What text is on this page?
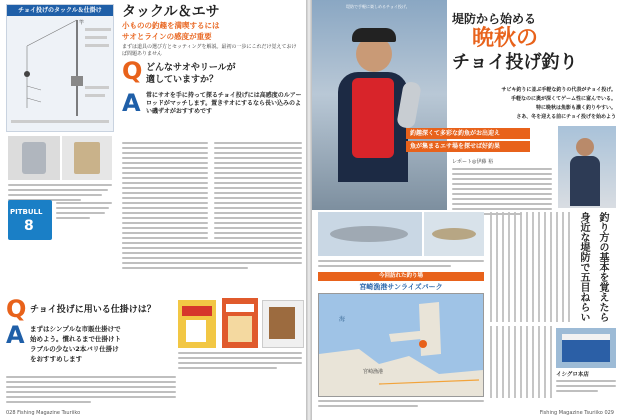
チョイ投げのタックル＆仕掛け
竿
タックル＆エサ
小ものの釣趣を満喫するには
サオとラインの感度が重要
まずは道具の選び方とセッティングを解説。最初の一歩にこれだけ覚えておけば問題ありません
Q どんなサオやリールが
適していますか？
A 常にサオを手に持って探るチョイ投げには高感度のルアーロッドがマッチします。置きサオにするなら長い込みのよい磯ザオがおすすめです
PITBULL
8
Q チョイ投げに用いる仕掛けは？
A まずはシンプルな市販仕掛けで
始めよう。慣れるまで仕掛けト
ラブルの少ない2本バリ仕掛け
をおすすめします
028 Fishing Magazine Tsuriiko
堤防で手軽に楽しめるチョイ投げ。
堤防から始める
晩秋の
チョイ投げ釣り
サビキ釣りに並ぶ手軽な釣りの代表がチョイ投げ。
手軽なのに奥が深くてゲーム性に富んでいる。
特に晩秋は魚影も濃く釣りやすい。
さあ、冬を迎える前にチョイ投げを始めよう
釣趣深くて多彩な釣魚がお出迎え
魚が集まるエサ場を探せば好釣果
レポート◎伊藤 裕
今回訪れた釣り場
宮崎漁港サンライズパーク
海
宮崎漁港
釣り方の基本を覚えたら 身近な堤防で五目ねらい
イシグロ本店
Fishing Magazine Tsuriiko 029
